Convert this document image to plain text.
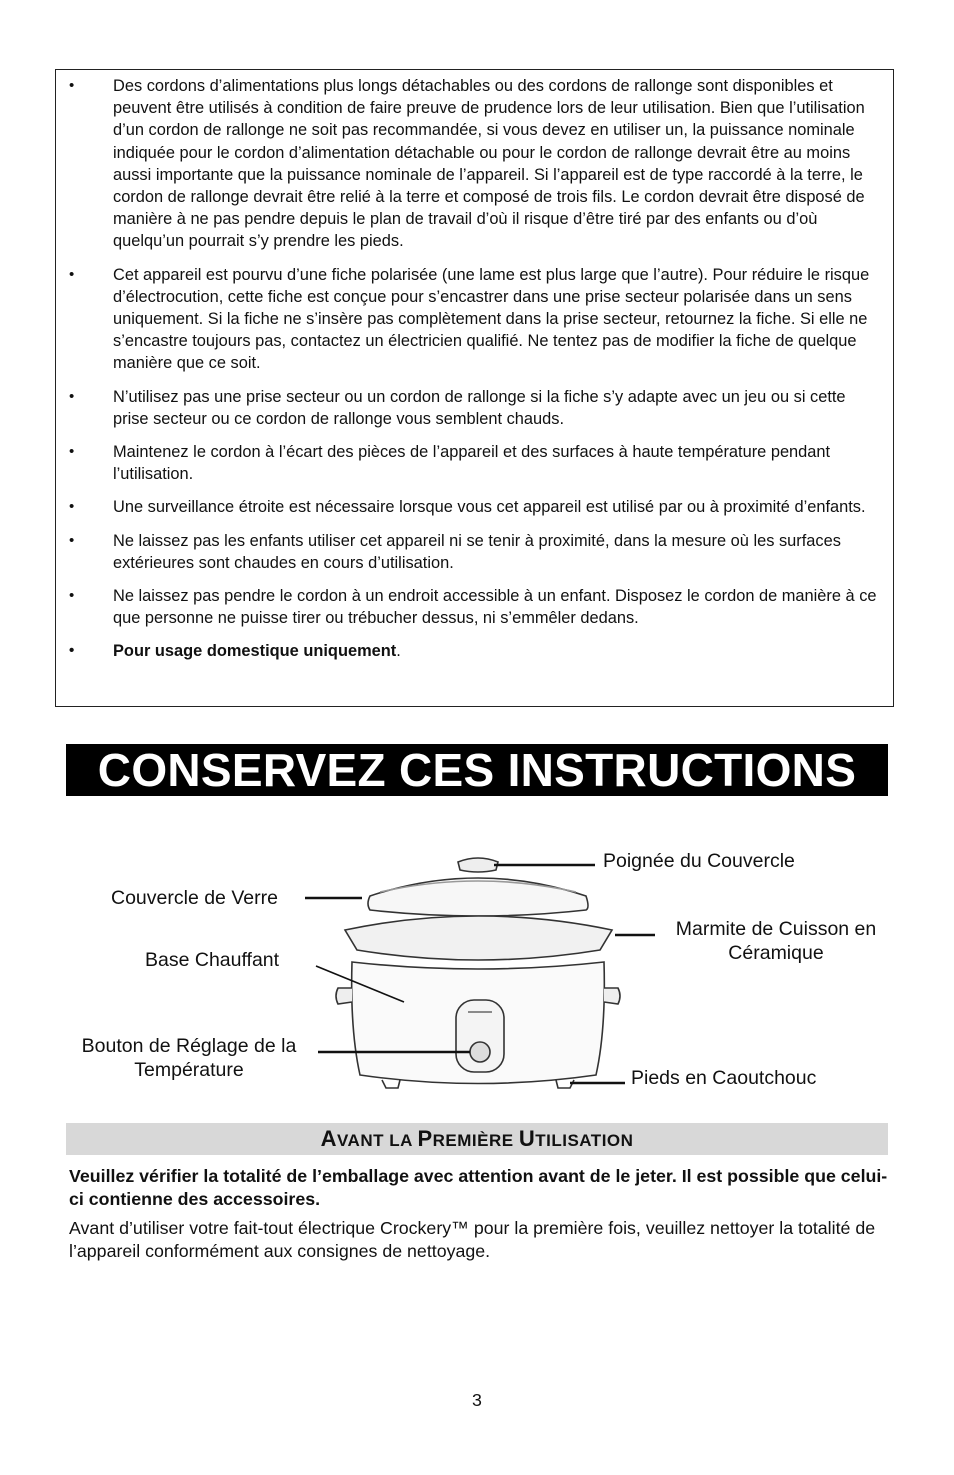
• Des cordons d’alimentations plus longs détachables ou des cordons de rallonge sont disponibles et peuvent être utilisés à condition de faire preuve de prudence lors de leur utilisation. Bien que l’utilisation d’un cordon de rallonge ne soit pas recommandée, si vous devez en utiliser un, la puissance nominale indiquée pour le cordon d’alimentation détachable ou pour le cordon de rallonge devrait être au moins aussi importante que la puissance nominale de l’appareil. Si l’appareil est de type raccordé à la terre, le cordon de rallonge devrait être relié à la terre et composé de trois fils. Le cordon devrait être disposé de manière à ne pas pendre depuis le plan de travail d’où il risque d’être tiré par des enfants ou d’où quelqu’un pourrait s’y prendre les pieds.
• Cet appareil est pourvu d’une fiche polarisée (une lame est plus large que l’autre). Pour réduire le risque d’électrocution, cette fiche est conçue pour s’encastrer dans une prise secteur polarisée dans un sens uniquement. Si la fiche ne s’insère pas complètement dans la prise secteur, retournez la fiche. Si elle ne s’encastre toujours pas, contactez un électricien qualifié. Ne tentez pas de modifier la fiche de quelque manière que ce soit.
• N’utilisez pas une prise secteur ou un cordon de rallonge si la fiche s’y adapte avec un jeu ou si cette prise secteur ou ce cordon de rallonge vous semblent chauds.
• Maintenez le cordon à l’écart des pièces de l’appareil et des surfaces à haute température pendant l’utilisation.
• Une surveillance étroite est nécessaire lorsque vous cet appareil est utilisé par ou à proximité d’enfants.
• Ne laissez pas les enfants utiliser cet appareil ni se tenir à proximité, dans la mesure où les surfaces extérieures sont chaudes en cours d’utilisation.
• Ne laissez pas pendre le cordon à un endroit accessible à un enfant. Disposez le cordon de manière à ce que personne ne puisse tirer ou trébucher dessus, ni s’emmêler dedans.
• Pour usage domestique uniquement.
CONSERVEZ CES INSTRUCTIONS
Poignée du Couvercle
Couvercle de Verre
Marmite de Cuisson en
Céramique
Base Chauffant
Bouton de Réglage de la
Température	Pieds en Caoutchouc
AVANT LA PREMIÈRE UTILISATION
Veuillez vérifier la totalité de l’emballage avec attention avant de le jeter. Il est possible que celui-ci contienne des accessoires.
Avant d’utiliser votre fait-tout électrique Crockery™ pour la première fois, veuillez nettoyer la totalité de l’appareil conformément aux consignes de nettoyage.
3
